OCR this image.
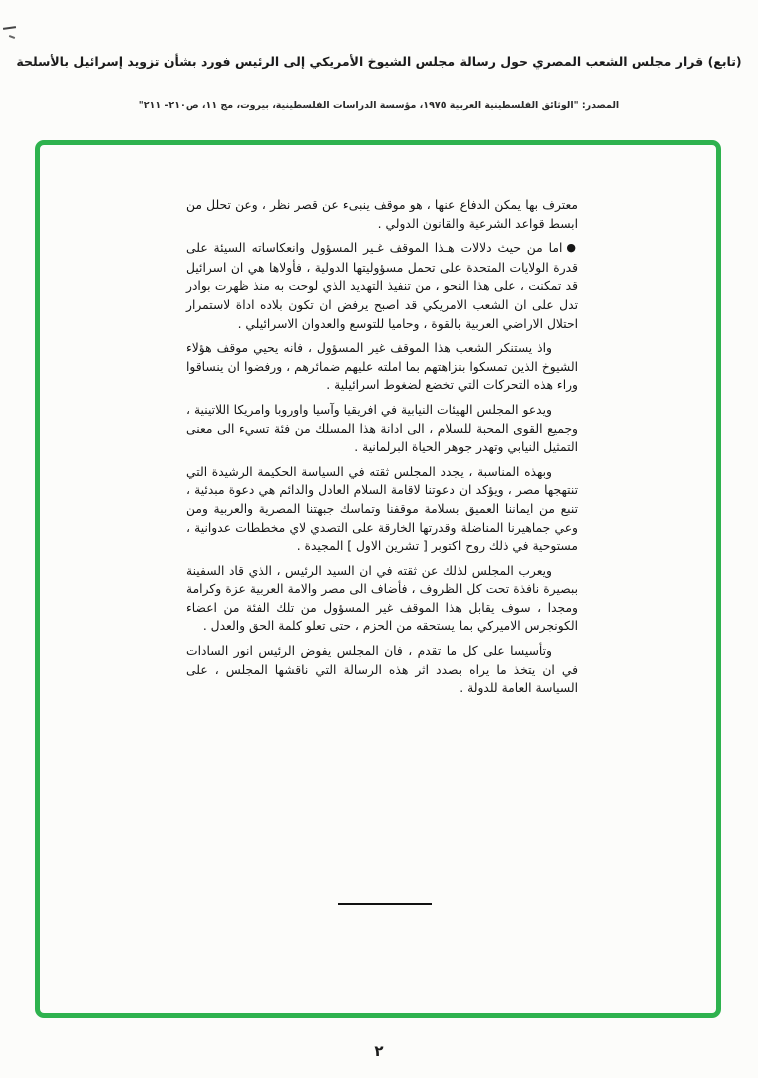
(تابع) قرار مجلس الشعب المصري حول رسالة مجلس الشيوخ الأمريكي إلى الرئيس فورد بشأن تزويد إسرائيل بالأسلحة
المصدر: "الوثائق الفلسطينية العربية ١٩٧٥، مؤسسة الدراسات الفلسطينية، بيروت، مج ١١، ص٢١٠- ٢١١"

معترف بها يمكن الدفاع عنها ، هو موقف ينبىء عن قصر نظر ، وعن تحلل من ابسط قواعد الشرعية والقانون الدولي .

●اما من حيث دلالات هـذا الموقف غـير المسؤول وانعكاساته السيئة على قدرة الولايات المتحدة على تحمل مسؤوليتها الدولية ، فأولاها هي ان اسرائيل قد تمكنت ، على هذا النحو ، من تنفيذ التهديد الذي لوحت به منذ ظهرت بوادر تدل على ان الشعب الامريكي قد اصبح يرفض ان تكون بلاده اداة لاستمرار احتلال الاراضي العربية بالقوة ، وحاميا للتوسع والعدوان الاسرائيلي .

واذ يستنكر الشعب هذا الموقف غير المسؤول ، فانه يحيي موقف هؤلاء الشيوخ الذين تمسكوا بنزاهتهم بما املته عليهم ضمائرهم ، ورفضوا ان ينساقوا وراء هذه التحركات التي تخضع لضغوط اسرائيلية .

ويدعو المجلس الهيئات النيابية في افريقيا وآسيا واوروبا وامريكا اللاتينية ، وجميع القوى المحبة للسلام ، الى ادانة هذا المسلك من فئة تسيء الى معنى التمثيل النيابي وتهدر جوهر الحياة البرلمانية .

وبهذه المناسبة ، يجدد المجلس ثقته في السياسة الحكيمة الرشيدة التي تنتهجها مصر ، ويؤكد ان دعوتنا لاقامة السلام العادل والدائم هي دعوة مبدئية ، تنبع من ايماننا العميق بسلامة موقفنا وتماسك جبهتنا المصرية والعربية ومن وعي جماهيرنا المناضلة وقدرتها الخارقة على التصدي لاي مخططات عدوانية ، مستوحية في ذلك روح اكتوبر [ تشرين الاول ] المجيدة .

ويعرب المجلس لذلك عن ثقته في ان السيد الرئيس ، الذي قاد السفينة ببصيرة نافذة تحت كل الظروف ، فأضاف الى مصر والامة العربية عزة وكرامة ومجدا ، سوف يقابل هذا الموقف غير المسؤول من تلك الفئة من اعضاء الكونجرس الاميركي بما يستحقه من الحزم ، حتى تعلو كلمة الحق والعدل .

وتأسيسا على كل ما تقدم ، فان المجلس يفوض الرئيس انور السادات في ان يتخذ ما يراه بصدد اثر هذه الرسالة التي ناقشها المجلس ، على السياسة العامة للدولة .

٢
